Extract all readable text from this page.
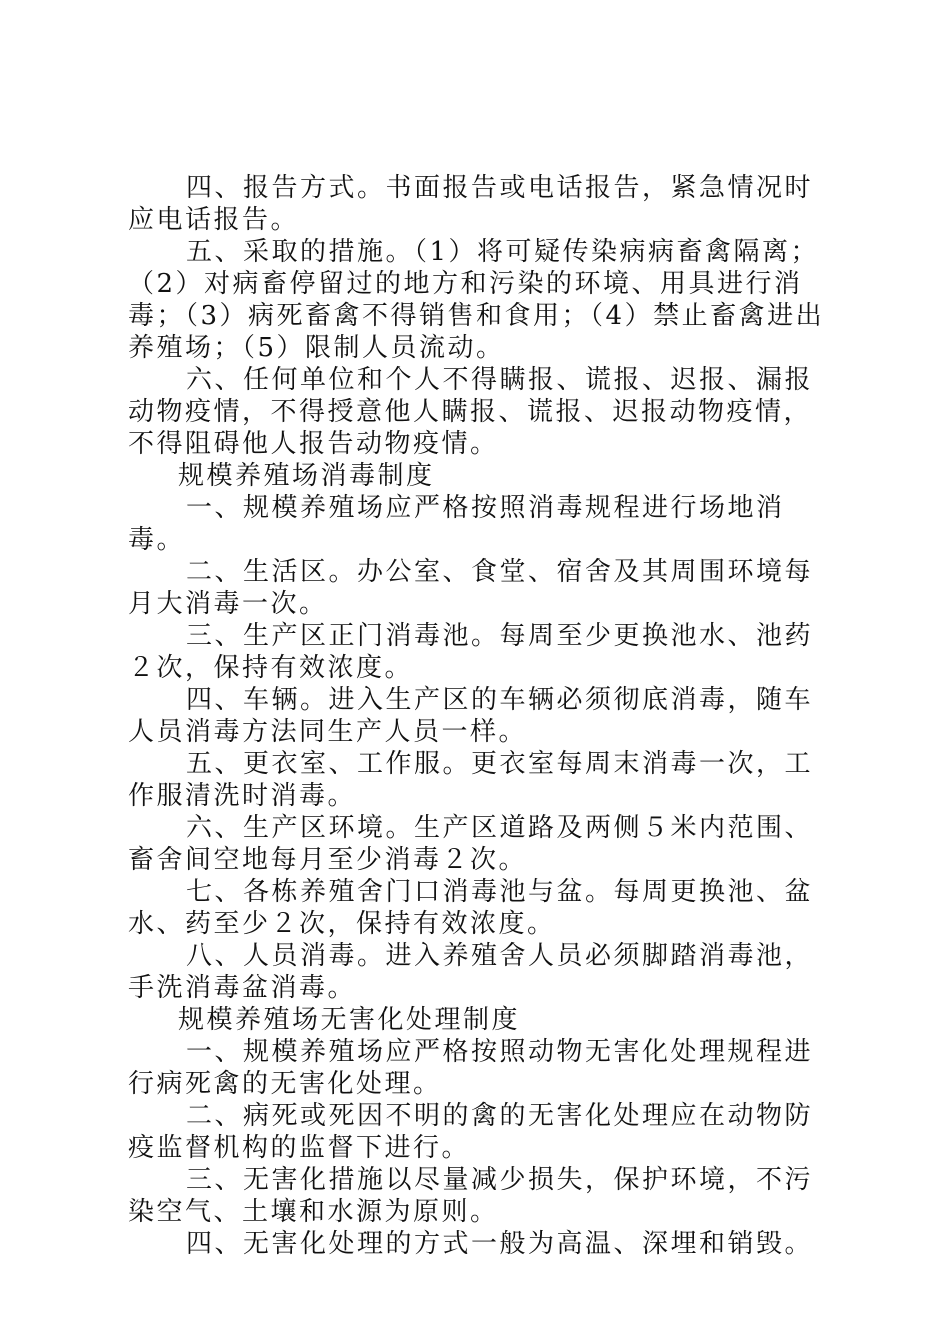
四、报告方式。书面报告或电话报告，紧急情况时应电话报告。

五、采取的措施。（1）将可疑传染病病畜禽隔离；（2）对病畜停留过的地方和污染的环境、用具进行消毒；（3）病死畜禽不得销售和食用；（4）禁止畜禽进出养殖场；（5）限制人员流动。

六、任何单位和个人不得瞒报、谎报、迟报、漏报动物疫情，不得授意他人瞒报、谎报、迟报动物疫情，不得阻碍他人报告动物疫情。

规模养殖场消毒制度

一、规模养殖场应严格按照消毒规程进行场地消毒。

二、生活区。办公室、食堂、宿舍及其周围环境每月大消毒一次。

三、生产区正门消毒池。每周至少更换池水、池药２次，保持有效浓度。

四、车辆。进入生产区的车辆必须彻底消毒，随车人员消毒方法同生产人员一样。

五、更衣室、工作服。更衣室每周末消毒一次，工作服清洗时消毒。

六、生产区环境。生产区道路及两侧５米内范围、畜舍间空地每月至少消毒２次。

七、各栋养殖舍门口消毒池与盆。每周更换池、盆水、药至少２次，保持有效浓度。

八、人员消毒。进入养殖舍人员必须脚踏消毒池，手洗消毒盆消毒。

规模养殖场无害化处理制度

一、规模养殖场应严格按照动物无害化处理规程进行病死禽的无害化处理。

二、病死或死因不明的禽的无害化处理应在动物防疫监督机构的监督下进行。

三、无害化措施以尽量减少损失，保护环境，不污染空气、土壤和水源为原则。

四、无害化处理的方式一般为高温、深埋和销毁。
